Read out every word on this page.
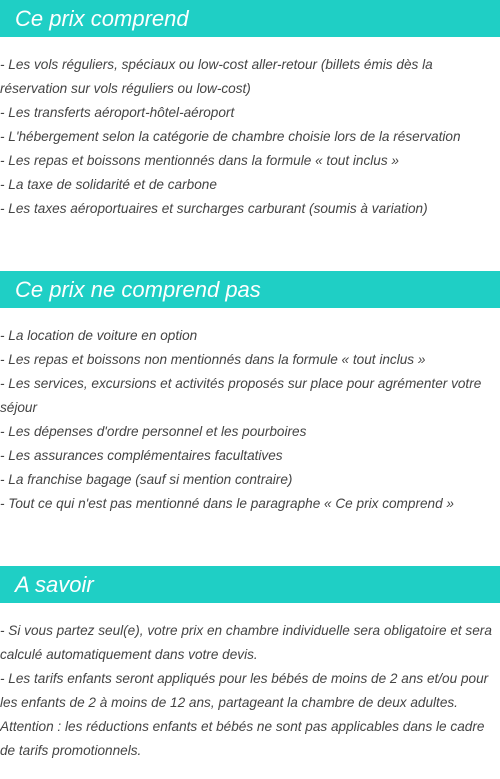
Ce prix comprend
- Les vols réguliers, spéciaux ou low-cost aller-retour (billets émis dès la réservation sur vols réguliers ou low-cost)
- Les transferts aéroport-hôtel-aéroport
- L'hébergement selon la catégorie de chambre choisie lors de la réservation
- Les repas et boissons mentionnés dans la formule « tout inclus »
- La taxe de solidarité et de carbone
- Les taxes aéroportuaires et surcharges carburant (soumis à variation)
Ce prix ne comprend pas
- La location de voiture en option
- Les repas et boissons non mentionnés dans la formule « tout inclus »
- Les services, excursions et activités proposés sur place pour agrémenter votre séjour
- Les dépenses d'ordre personnel et les pourboires
- Les assurances complémentaires facultatives
- La franchise bagage (sauf si mention contraire)
- Tout ce qui n'est pas mentionné dans le paragraphe « Ce prix comprend »
A savoir
- Si vous partez seul(e), votre prix en chambre individuelle sera obligatoire et sera calculé automatiquement dans votre devis.
- Les tarifs enfants seront appliqués pour les bébés de moins de 2 ans et/ou pour les enfants de 2 à moins de 12 ans, partageant la chambre de deux adultes.
Attention : les réductions enfants et bébés ne sont pas applicables dans le cadre de tarifs promotionnels.
